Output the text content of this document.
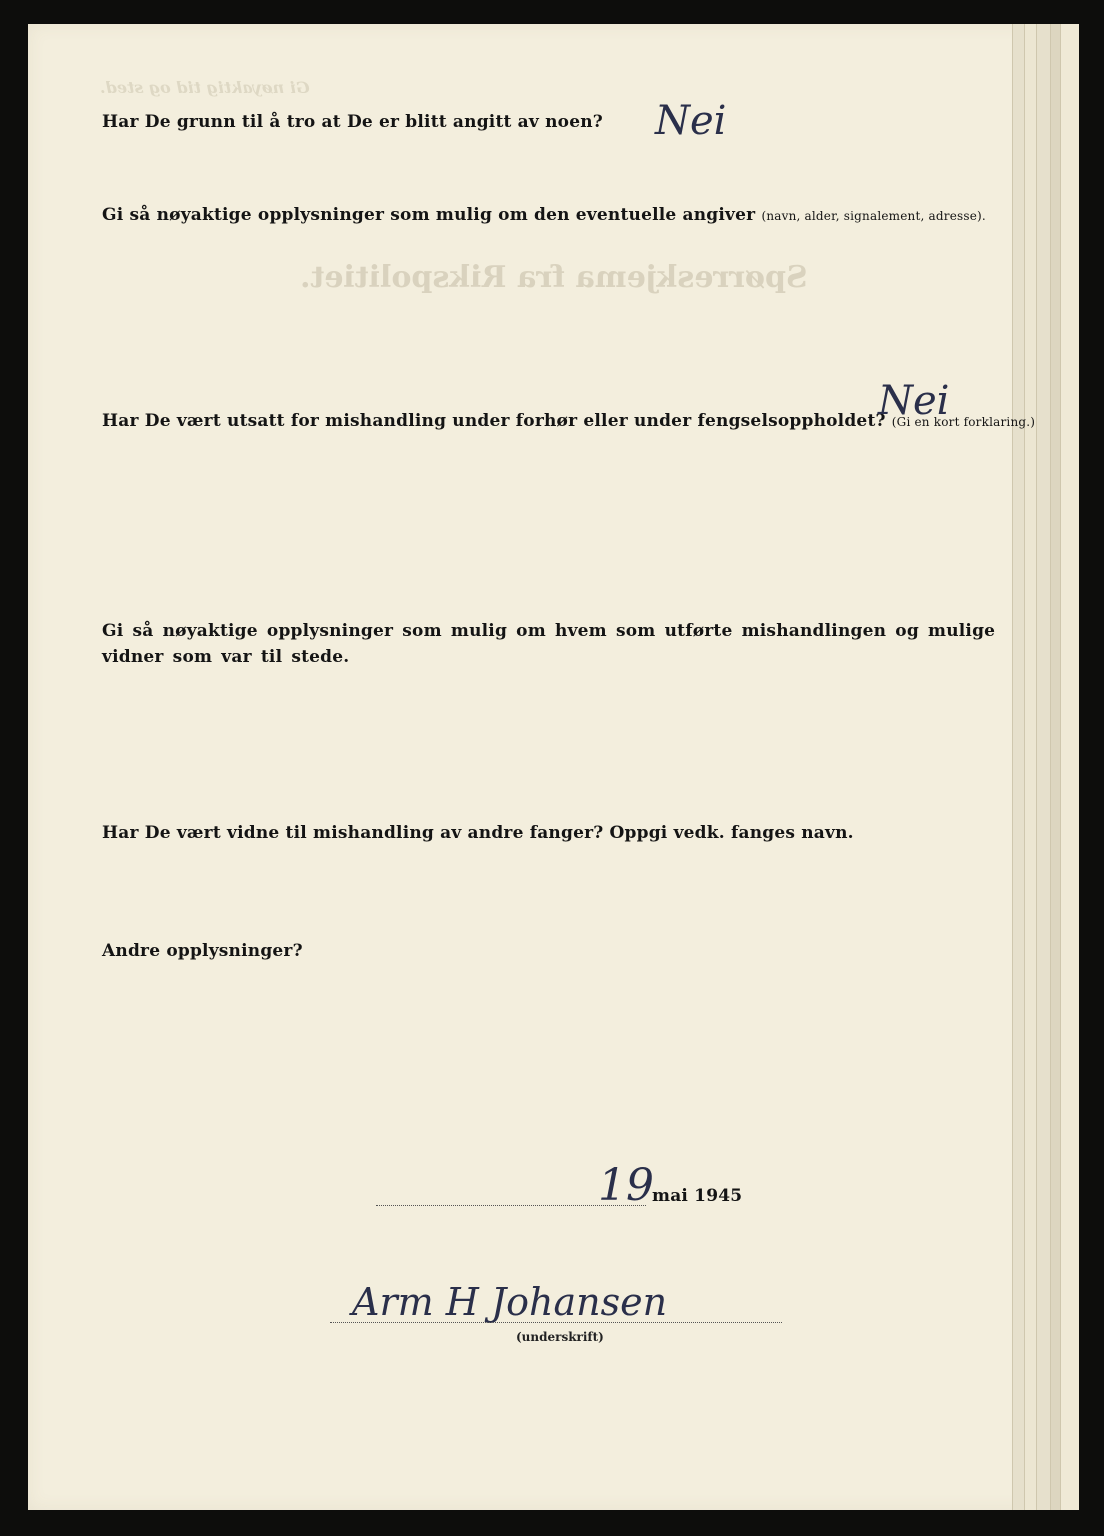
Spørreskjema fra Rikspolitiet.
Gi nøyaktig tid og sted.

Har De grunn til å tro at De er blitt angitt av noen? Nei

Gi så nøyaktige opplysninger som mulig om den eventuelle angiver (navn, alder, signalement, adresse).

Har De vært utsatt for mishandling under forhør eller under fengselsoppholdet? (Gi en kort forklaring.)

Nei

Gi så nøyaktige opplysninger som mulig om hvem som utførte mishandlingen og mulige vidner som var til stede.

Har De vært vidne til mishandling av andre fanger? Oppgi vedk. fanges navn.

Andre opplysninger?

19
mai 1945
Arm H Johansen
(underskrift)
